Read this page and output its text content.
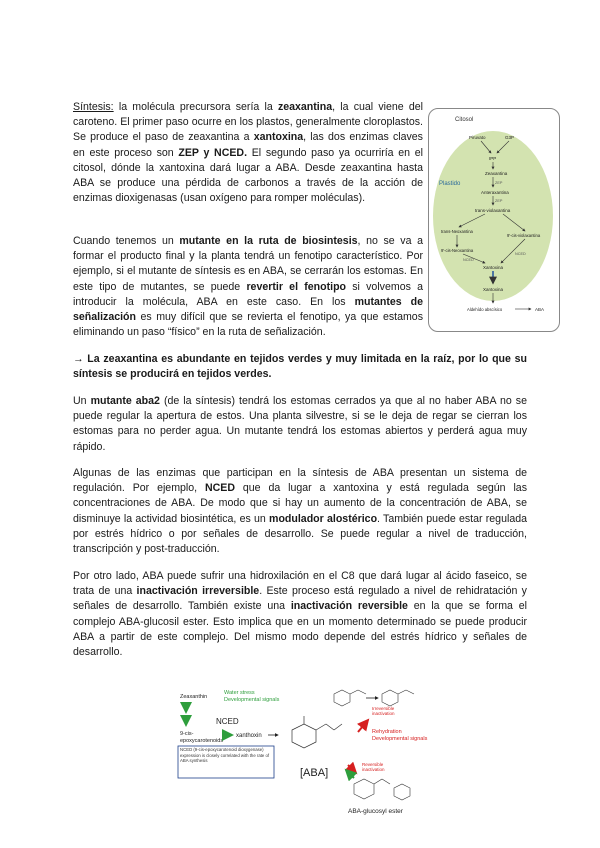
Síntesis: la molécula precursora sería la zeaxantina, la cual viene del caroteno. El primer paso ocurre en los plastos, generalmente cloroplastos. Se produce el paso de zeaxantina a xantoxina, las dos enzimas claves en este proceso son ZEP y NCED. El segundo paso ya ocurriría en el citosol, dónde la xantoxina dará lugar a ABA. Desde zeaxantina hasta ABA se produce una pérdida de carbonos a través de la acción de enzimas dioxigenasas (usan oxígeno para romper moléculas).
Cuando tenemos un mutante en la ruta de biosintesis, no se va a formar el producto final y la planta tendrá un fenotipo característico. Por ejemplo, si el mutante de síntesis es en ABA, se cerrarán los estomas. En este tipo de mutantes, se puede revertir el fenotipo si volvemos a introducir la molécula, ABA en este caso. En los mutantes de señalización es muy difícil que se revierta el fenotipo, ya que estamos eliminando un paso “físico” en la ruta de señalización.
→ La zeaxantina es abundante en tejidos verdes y muy limitada en la raíz, por lo que su síntesis se producirá en tejidos verdes.
Un mutante aba2 (de la síntesis) tendrá los estomas cerrados ya que al no haber ABA no se puede regular la apertura de estos. Una planta silvestre, si se le deja de regar se cierran los estomas para no perder agua. Un mutante tendrá los estomas abiertos y perderá agua muy rápido.
Algunas de las enzimas que participan en la síntesis de ABA presentan un sistema de regulación. Por ejemplo, NCED que da lugar a xantoxina y está regulada según las concentraciones de ABA. De modo que si hay un aumento de la concentración de ABA, se disminuye la actividad biosintética, es un modulador alostérico. También puede estar regulada por estrés hídrico o por señales de desarrollo. Se puede regular a nivel de traducción, transcripción y post-traducción.
Por otro lado, ABA puede sufrir una hidroxilación en el C8 que dará lugar al ácido faseico, se trata de una inactivación irreversible. Este proceso está regulado a nivel de rehidratación y señales de desarrollo. También existe una inactivación reversible en la que se forma el complejo ABA-glucosil ester. Esto implica que en un momento determinado se puede producir ABA a partir de este complejo. Del mismo modo depende del estrés hídrico y señales de desarrollo.
Citosol
Plastido
Piruvato	G3P
IPP
Zeaxantina
ZEP
Anteraxantina
ZEP
trans-violaxantina
trans-Neoxantina
9'-cis-violaxantina
9'-cis-Neoxantina
NCED
NCED
Xantoxina
Xantoxina
Aldehído abscísico	ABA
Zeaxanthin
Water stress
Developmental signals
NCED
9-cis-
epoxycarotenoids
xanthoxin
Irreversible
inactivation
Rehydration
Developmental signals
NCED (9-cis-epoxycarotenoid dioxygenase) expression is closely correlated with the rate of ABA synthesis
[ABA]
Reversible
inactivation
ABA-glucosyl ester
